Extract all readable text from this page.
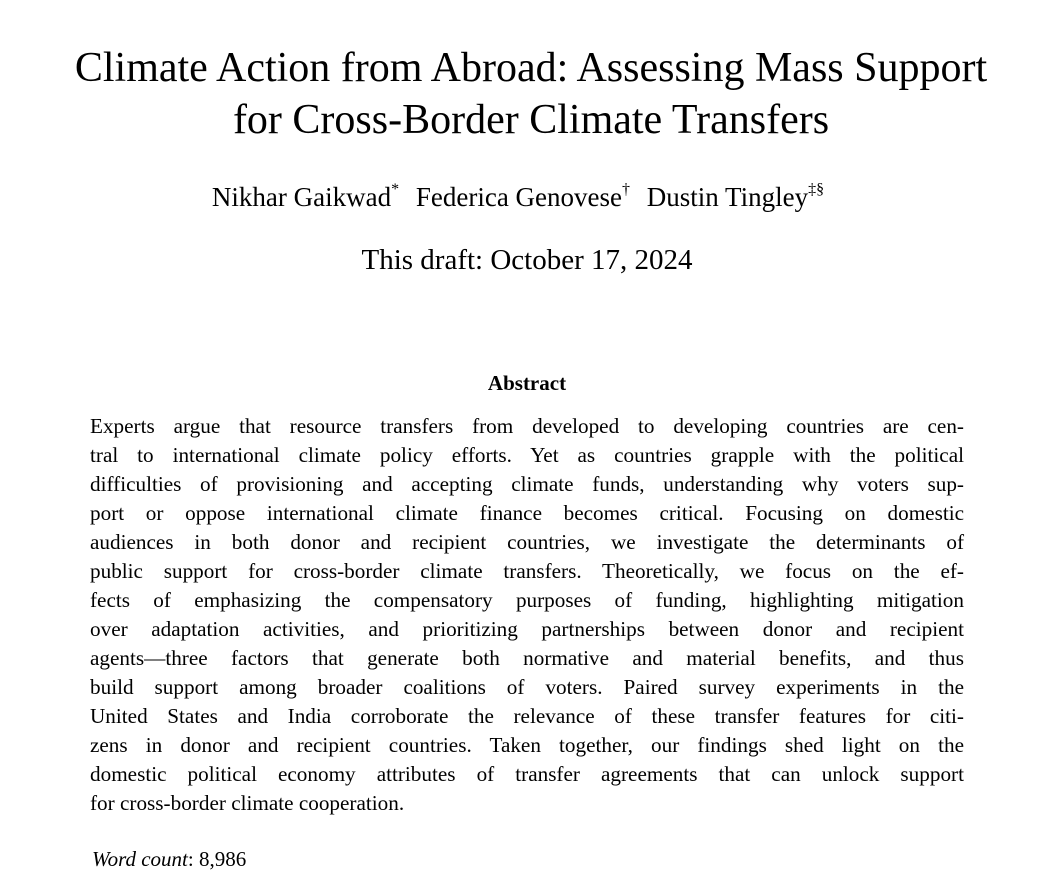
Climate Action from Abroad: Assessing Mass Support
for Cross-Border Climate Transfers
Nikhar Gaikwad* Federica Genovese† Dustin Tingley‡§
This draft: October 17, 2024
Abstract
Experts argue that resource transfers from developed to developing countries are cen-
tral to international climate policy efforts. Yet as countries grapple with the political
difficulties of provisioning and accepting climate funds, understanding why voters sup-
port or oppose international climate finance becomes critical. Focusing on domestic
audiences in both donor and recipient countries, we investigate the determinants of
public support for cross-border climate transfers. Theoretically, we focus on the ef-
fects of emphasizing the compensatory purposes of funding, highlighting mitigation
over adaptation activities, and prioritizing partnerships between donor and recipient
agents—three factors that generate both normative and material benefits, and thus
build support among broader coalitions of voters. Paired survey experiments in the
United States and India corroborate the relevance of these transfer features for citi-
zens in donor and recipient countries. Taken together, our findings shed light on the
domestic political economy attributes of transfer agreements that can unlock support
for cross-border climate cooperation.
Word count: 8,986
